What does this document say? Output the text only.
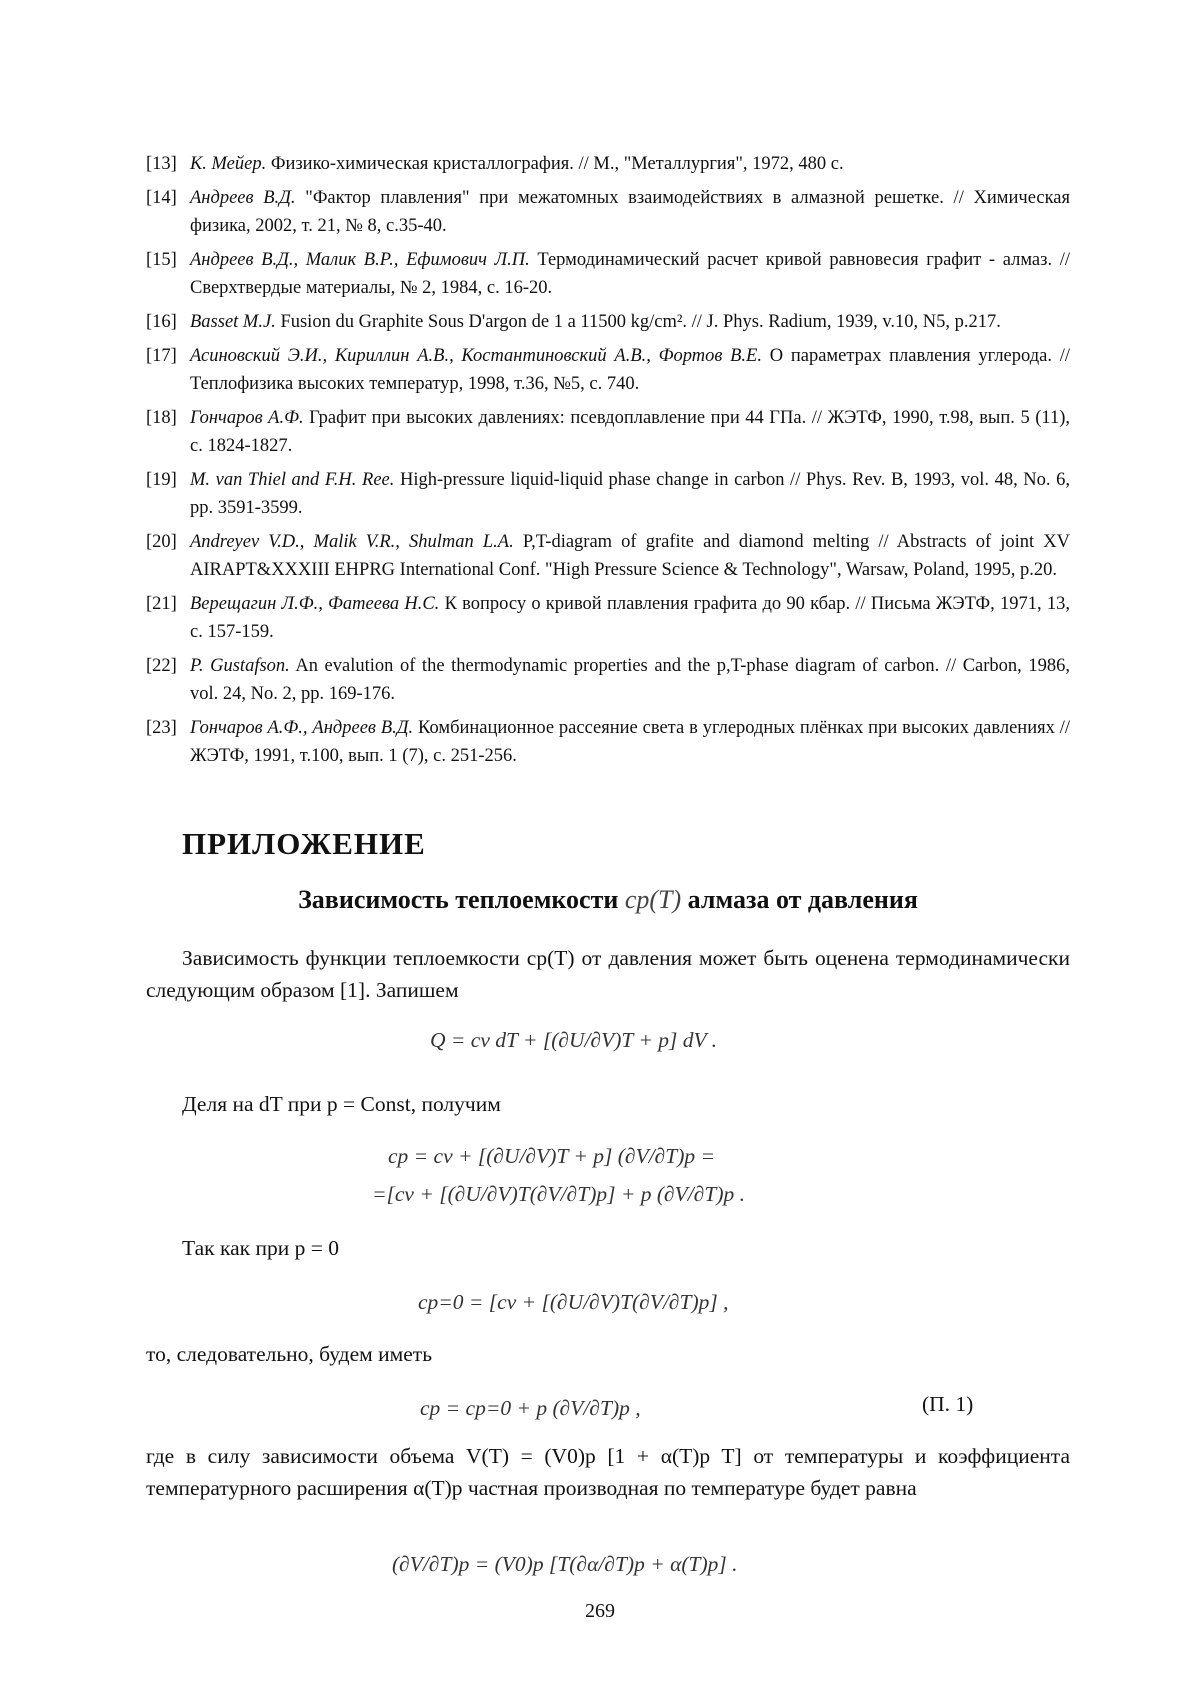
[13] К. Мейер. Физико-химическая кристаллография. // М., "Металлургия", 1972, 480 с.
[14] Андреев В.Д. "Фактор плавления" при межатомных взаимодействиях в алмазной решетке. // Химическая физика, 2002, т. 21, № 8, с.35-40.
[15] Андреев В.Д., Малик В.Р., Ефимович Л.П. Термодинамический расчет кривой равновесия графит - алмаз. // Сверхтвердые материалы, № 2, 1984, с. 16-20.
[16] Basset M.J. Fusion du Graphite Sous D'argon de 1 a 11500 kg/cm². // J. Phys. Radium, 1939, v.10, N5, p.217.
[17] Асиновский Э.И., Кириллин А.В., Костантиновский А.В., Фортов В.Е. О параметрах плавления углерода. // Теплофизика высоких температур, 1998, т.36, №5, с. 740.
[18] Гончаров А.Ф. Графит при высоких давлениях: псевдоплавление при 44 ГПа. // ЖЭТФ, 1990, т.98, вып. 5 (11), с. 1824-1827.
[19] M. van Thiel and F.H. Ree. High-pressure liquid-liquid phase change in carbon // Phys. Rev. B, 1993, vol. 48, No. 6, pp. 3591-3599.
[20] Andreyev V.D., Malik V.R., Shulman L.A. P,T-diagram of grafite and diamond melting // Abstracts of joint XV AIRAPT&XXXIII EHPRG International Conf. "High Pressure Science & Technology", Warsaw, Poland, 1995, p.20.
[21] Верещагин Л.Ф., Фатеева Н.С. К вопросу о кривой плавления графита до 90 кбар. // Письма ЖЭТФ, 1971, 13, с. 157-159.
[22] P. Gustafson. An evalution of the thermodynamic properties and the p,T-phase diagram of carbon. // Carbon, 1986, vol. 24, No. 2, pp. 169-176.
[23] Гончаров А.Ф., Андреев В.Д. Комбинационное рассеяние света в углеродных плёнках при высоких давлениях // ЖЭТФ, 1991, т.100, вып. 1 (7), с. 251-256.
ПРИЛОЖЕНИЕ
Зависимость теплоемкости cp(T) алмаза от давления
Зависимость функции теплоемкости cp(T) от давления может быть оценена термодинамически следующим образом [1]. Запишем
Q = cv dT + [(∂U/∂V)T + p] dV .
Деля на dT при p = Const, получим
cp = cv + [(∂U/∂V)T + p] (∂V/∂T)p =
=[cv + [(∂U/∂V)T(∂V/∂T)p] + p (∂V/∂T)p .
Так как при p = 0
cp=0 = [cv + [(∂U/∂V)T(∂V/∂T)p] ,
то, следовательно, будем иметь
cp = cp=0 + p (∂V/∂T)p ,	(П. 1)
где в силу зависимости объема V(T) = (V0)p [1 + α(T)p T] от температуры и коэффициента температурного расширения α(T)p частная производная по температуре будет равна
(∂V/∂T)p = (V0)p [T(∂α/∂T)p + α(T)p] .
269
